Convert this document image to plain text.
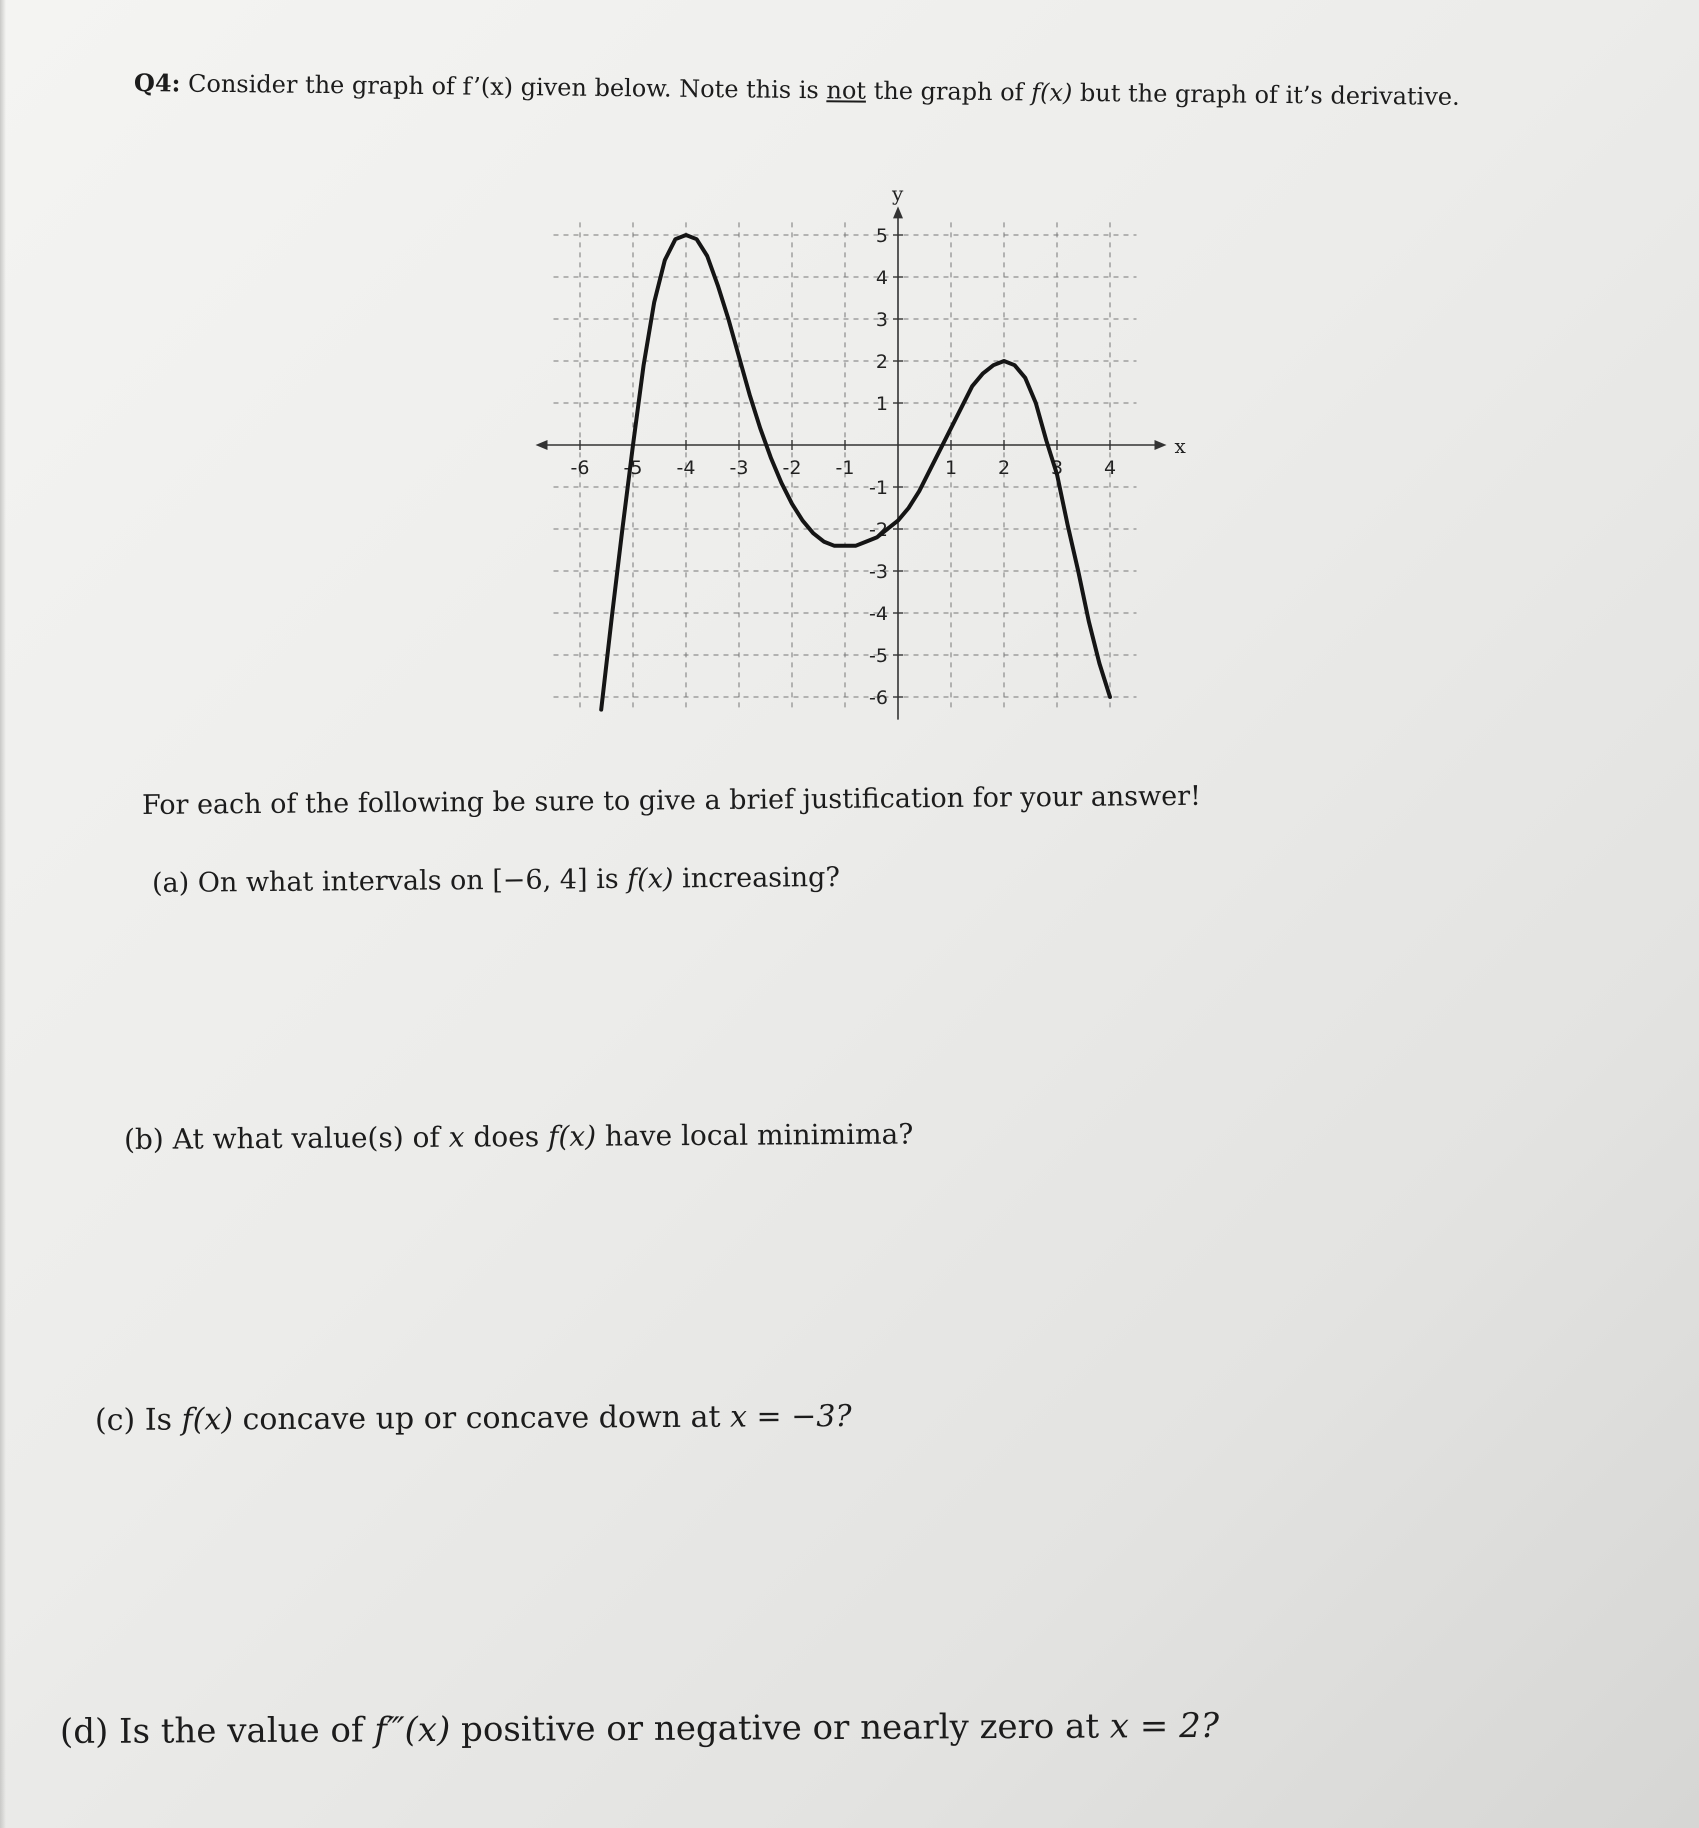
Q4: Consider the graph of f’(x) given below. Note this is not the graph of f(x) but the graph of it’s derivative.
x
y
-6 -5 -4 -3 -2 -1	1 2 3 4
5
4
3
2
1
-1
-2
-3
-4
-5
-6
For each of the following be sure to give a brief justification for your answer!
(a) On what intervals on [−6, 4] is f(x) increasing?
(b) At what value(s) of x does f(x) have local minimima?
(c) Is f(x) concave up or concave down at x = −3?
(d) Is the value of f‴(x) positive or negative or nearly zero at x = 2?
